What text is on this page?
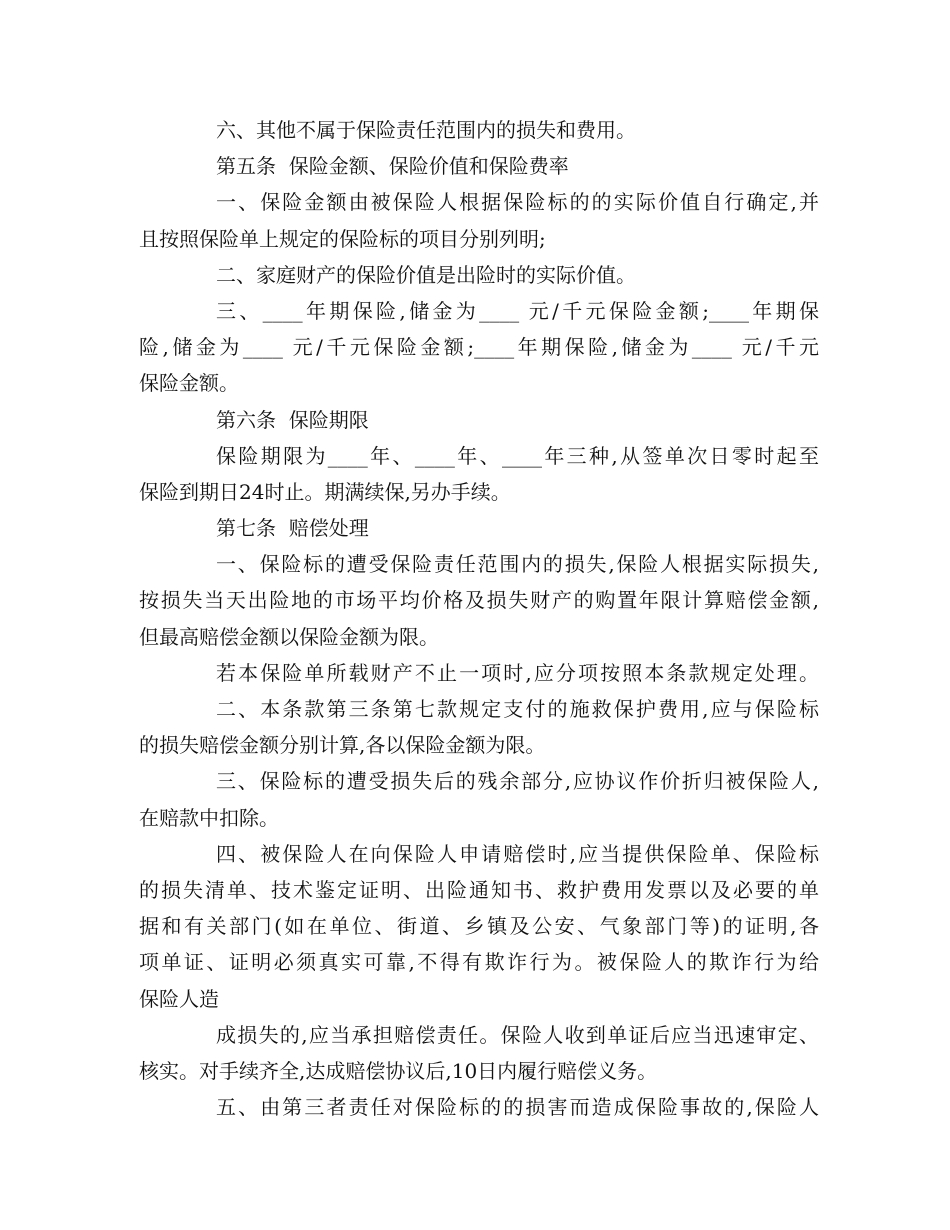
六、其他不属于保险责任范围内的损失和费用。
第五条  保险金额、保险价值和保险费率
一、保险金额由被保险人根据保险标的的实际价值自行确定,并
且按照保险单上规定的保险标的项目分别列明;
二、家庭财产的保险价值是出险时的实际价值。
三、____年期保险,储金为____ 元/千元保险金额;____年期保
险,储金为____ 元/千元保险金额;____年期保险,储金为____ 元/千元
保险金额。
第六条  保险期限
保险期限为____年、____年、____年三种,从签单次日零时起至
保险到期日24时止。期满续保,另办手续。
第七条  赔偿处理
一、保险标的遭受保险责任范围内的损失,保险人根据实际损失,
按损失当天出险地的市场平均价格及损失财产的购置年限计算赔偿金额,
但最高赔偿金额以保险金额为限。
若本保险单所载财产不止一项时,应分项按照本条款规定处理。
二、本条款第三条第七款规定支付的施救保护费用,应与保险标
的损失赔偿金额分别计算,各以保险金额为限。
三、保险标的遭受损失后的残余部分,应协议作价折归被保险人,
在赔款中扣除。
四、被保险人在向保险人申请赔偿时,应当提供保险单、保险标
的损失清单、技术鉴定证明、出险通知书、救护费用发票以及必要的单
据和有关部门(如在单位、街道、乡镇及公安、气象部门等)的证明,各
项单证、证明必须真实可靠,不得有欺诈行为。被保险人的欺诈行为给
保险人造
成损失的,应当承担赔偿责任。保险人收到单证后应当迅速审定、
核实。对手续齐全,达成赔偿协议后,10日内履行赔偿义务。
五、由第三者责任对保险标的的损害而造成保险事故的,保险人
